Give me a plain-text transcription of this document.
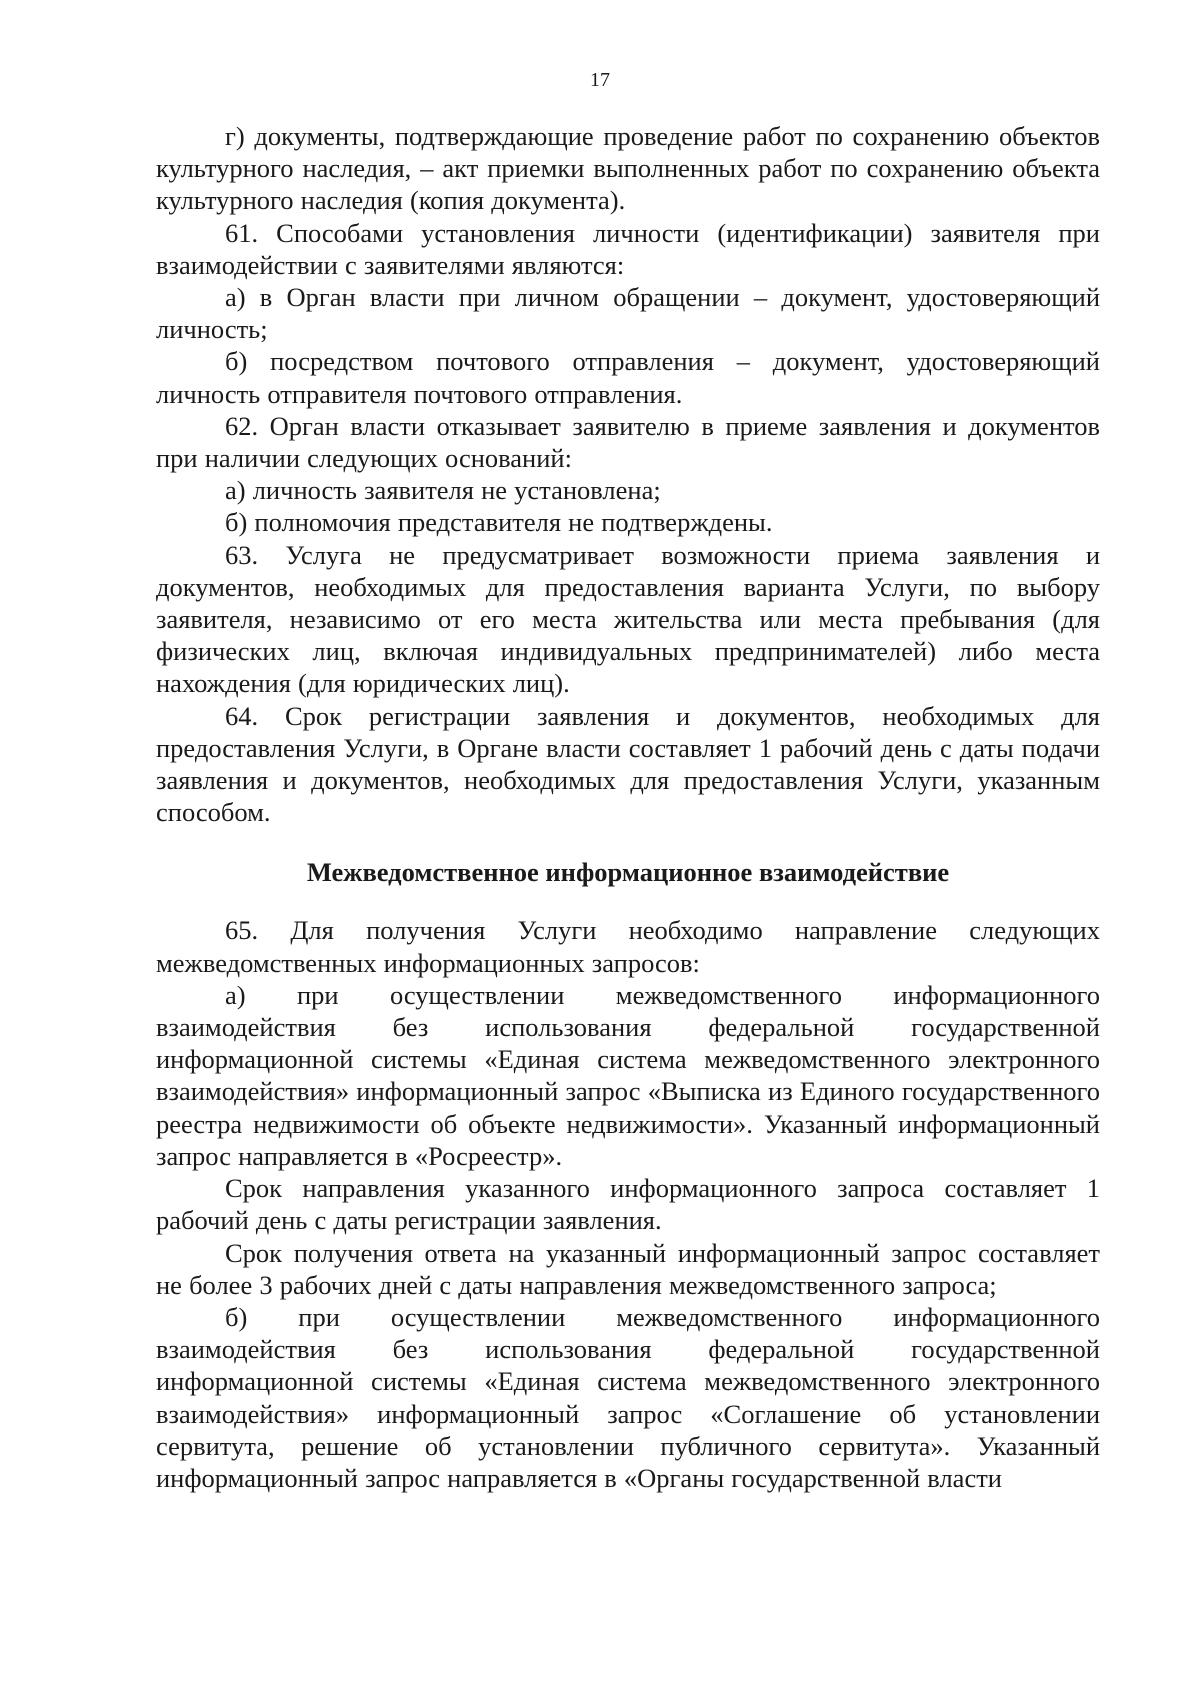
17

г) документы, подтверждающие проведение работ по сохранению объектов культурного наследия, – акт приемки выполненных работ по сохранению объекта культурного наследия (копия документа).

61. Способами установления личности (идентификации) заявителя при взаимодействии с заявителями являются:

а) в Орган власти при личном обращении – документ, удостоверяющий личность;

б) посредством почтового отправления – документ, удостоверяющий личность отправителя почтового отправления.

62. Орган власти отказывает заявителю в приеме заявления и документов при наличии следующих оснований:

а) личность заявителя не установлена;

б) полномочия представителя не подтверждены.

63. Услуга не предусматривает возможности приема заявления и документов, необходимых для предоставления варианта Услуги, по выбору заявителя, независимо от его места жительства или места пребывания (для физических лиц, включая индивидуальных предпринимателей) либо места нахождения (для юридических лиц).

64. Срок регистрации заявления и документов, необходимых для предоставления Услуги, в Органе власти составляет 1 рабочий день с даты подачи заявления и документов, необходимых для предоставления Услуги, указанным способом.

Межведомственное информационное взаимодействие

65. Для получения Услуги необходимо направление следующих межведомственных информационных запросов:

а) при осуществлении межведомственного информационного взаимодействия без использования федеральной государственной информационной системы «Единая система межведомственного электронного взаимодействия» информационный запрос «Выписка из Единого государственного реестра недвижимости об объекте недвижимости». Указанный информационный запрос направляется в «Росреестр».

Срок направления указанного информационного запроса составляет 1 рабочий день с даты регистрации заявления.

Срок получения ответа на указанный информационный запрос составляет не более 3 рабочих дней с даты направления межведомственного запроса;

б) при осуществлении межведомственного информационного взаимодействия без использования федеральной государственной информационной системы «Единая система межведомственного электронного взаимодействия» информационный запрос «Соглашение об установлении сервитута, решение об установлении публичного сервитута». Указанный информационный запрос направляется в «Органы государственной власти
